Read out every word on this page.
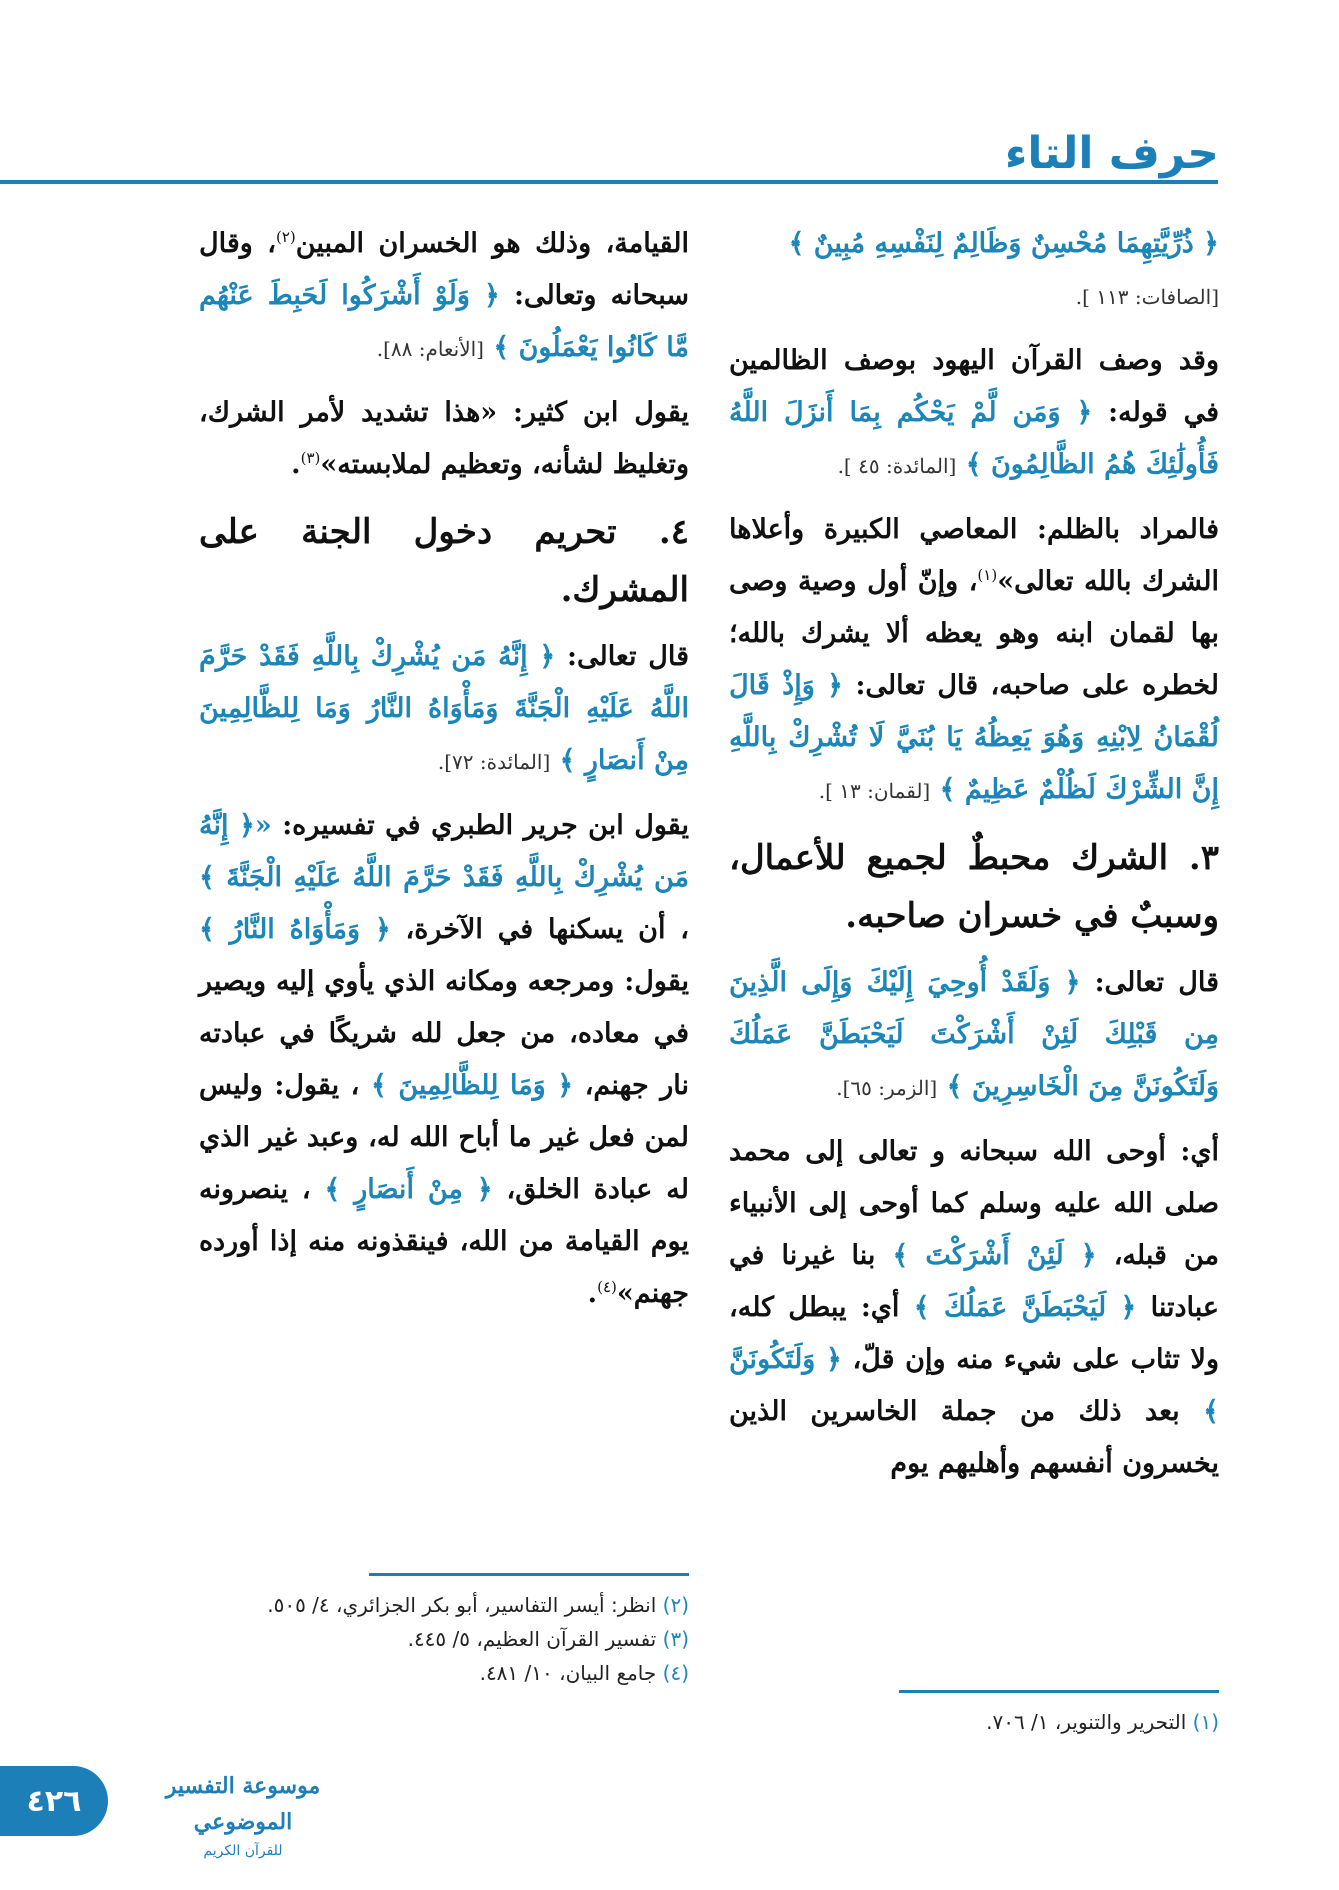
حرف التاء

﴿ ذُرِّيَّتِهِمَا مُحْسِنٌ وَظَالِمٌ لِنَفْسِهِ مُبِينٌ ﴾
[الصافات: ١١٣ ].

وقد وصف القرآن اليهود بوصف الظالمين في قوله: ﴿ وَمَن لَّمْ يَحْكُم بِمَا أَنزَلَ اللَّهُ فَأُولَٰئِكَ هُمُ الظَّالِمُونَ ﴾ [المائدة: ٤٥ ].

فالمراد بالظلم: المعاصي الكبيرة وأعلاها الشرك بالله تعالى»$^{(١)}$، وإنّ أول وصية وصى بها لقمان ابنه وهو يعظه ألا يشرك بالله؛ لخطره على صاحبه، قال تعالى: ﴿ وَإِذْ قَالَ لُقْمَانُ لِابْنِهِ وَهُوَ يَعِظُهُ يَا بُنَيَّ لَا تُشْرِكْ بِاللَّهِ إِنَّ الشِّرْكَ لَظُلْمٌ عَظِيمٌ ﴾ [لقمان: ١٣ ].

٣. الشرك محبطٌ لجميع للأعمال، وسببٌ في خسران صاحبه.

قال تعالى: ﴿ وَلَقَدْ أُوحِيَ إِلَيْكَ وَإِلَى الَّذِينَ مِن قَبْلِكَ لَئِنْ أَشْرَكْتَ لَيَحْبَطَنَّ عَمَلُكَ وَلَتَكُونَنَّ مِنَ الْخَاسِرِينَ ﴾ [الزمر: ٦٥].

أي: أوحى الله سبحانه و تعالى إلى محمد صلى الله عليه وسلم كما أوحى إلى الأنبياء من قبله، ﴿ لَئِنْ أَشْرَكْتَ ﴾ بنا غيرنا في عبادتنا ﴿ لَيَحْبَطَنَّ عَمَلُكَ ﴾ أي: يبطل كله، ولا تثاب على شيء منه وإن قلّ، ﴿ وَلَتَكُونَنَّ ﴾ بعد ذلك من جملة الخاسرين الذين يخسرون أنفسهم وأهليهم يوم

القيامة، وذلك هو الخسران المبين$^{(٢)}$، وقال سبحانه وتعالى: ﴿ وَلَوْ أَشْرَكُوا لَحَبِطَ عَنْهُم مَّا كَانُوا يَعْمَلُونَ ﴾ [الأنعام: ٨٨].

يقول ابن كثير: «هذا تشديد لأمر الشرك، وتغليظ لشأنه، وتعظيم لملابسته»$^{(٣)}$.

٤. تحريم دخول الجنة على المشرك.

قال تعالى: ﴿ إِنَّهُ مَن يُشْرِكْ بِاللَّهِ فَقَدْ حَرَّمَ اللَّهُ عَلَيْهِ الْجَنَّةَ وَمَأْوَاهُ النَّارُ وَمَا لِلظَّالِمِينَ مِنْ أَنصَارٍ ﴾ [المائدة: ٧٢].

يقول ابن جرير الطبري في تفسيره: «﴿ إِنَّهُ مَن يُشْرِكْ بِاللَّهِ فَقَدْ حَرَّمَ اللَّهُ عَلَيْهِ الْجَنَّةَ ﴾ ، أن يسكنها في الآخرة، ﴿ وَمَأْوَاهُ النَّارُ ﴾ يقول: ومرجعه ومكانه الذي يأوي إليه ويصير في معاده، من جعل لله شريكًا في عبادته نار جهنم، ﴿ وَمَا لِلظَّالِمِينَ ﴾ ، يقول: وليس لمن فعل غير ما أباح الله له، وعبد غير الذي له عبادة الخلق، ﴿ مِنْ أَنصَارٍ ﴾ ، ينصرونه يوم القيامة من الله، فينقذونه منه إذا أورده جهنم»$^{(٤)}$.

(١) التحرير والتنوير، ١/ ٧٠٦.

(٢) انظر: أيسر التفاسير، أبو بكر الجزائري، ٤/ ٥٠٥.

(٣) تفسير القرآن العظيم، ٥/ ٤٤٥.

(٤) جامع البيان، ١٠/ ٤٨١.

٤٢٦	موسوعة التفسير الموضوعي
للقرآن الكريم
